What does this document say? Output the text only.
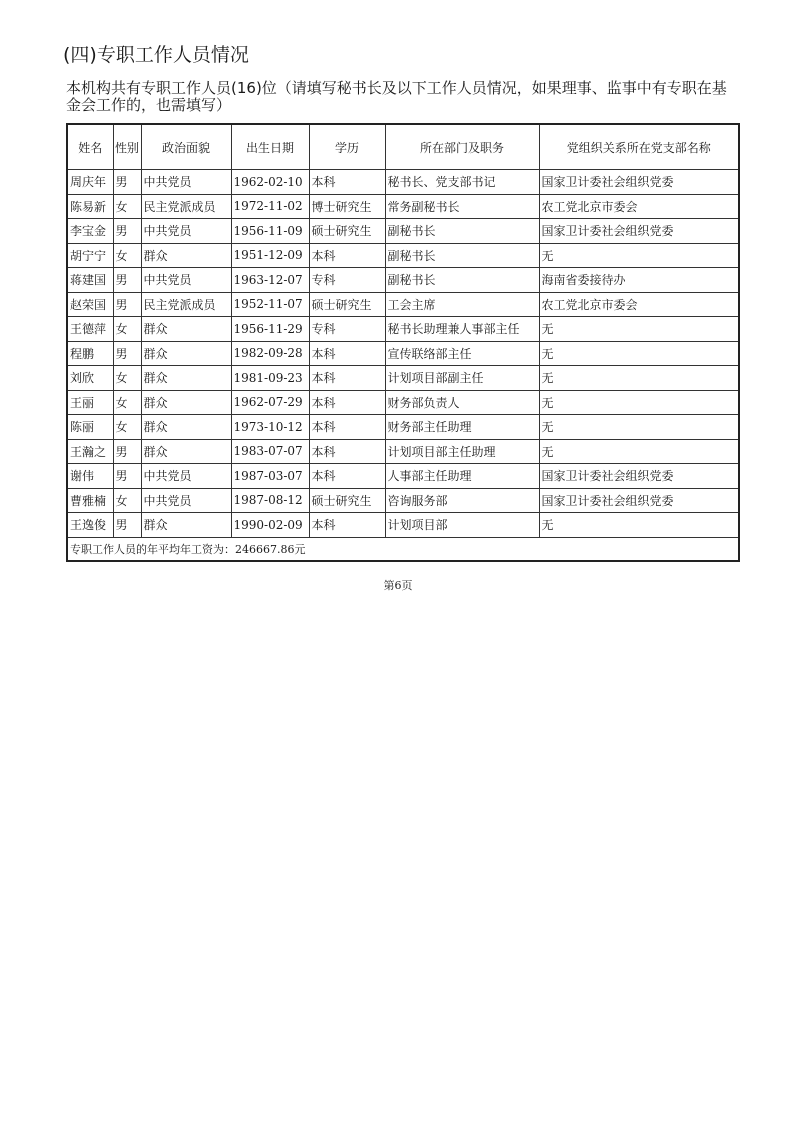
(四)专职工作人员情况

本机构共有专职工作人员(16)位（请填写秘书长及以下工作人员情况，如果理事、监事中有专职在基金会工作的，也需填写）

姓名	性别	政治面貌	出生日期	学历	所在部门及职务	党组织关系所在党支部名称
周庆年	男	中共党员	1962-02-10	本科	秘书长、党支部书记	国家卫计委社会组织党委
陈易新	女	民主党派成员	1972-11-02	博士研究生	常务副秘书长	农工党北京市委会
李宝金	男	中共党员	1956-11-09	硕士研究生	副秘书长	国家卫计委社会组织党委
胡宁宁	女	群众	1951-12-09	本科	副秘书长	无
蒋建国	男	中共党员	1963-12-07	专科	副秘书长	海南省委接待办
赵荣国	男	民主党派成员	1952-11-07	硕士研究生	工会主席	农工党北京市委会
王德萍	女	群众	1956-11-29	专科	秘书长助理兼人事部主任	无
程鹏	男	群众	1982-09-28	本科	宣传联络部主任	无
刘欣	女	群众	1981-09-23	本科	计划项目部副主任	无
王丽	女	群众	1962-07-29	本科	财务部负责人	无
陈丽	女	群众	1973-10-12	本科	财务部主任助理	无
王瀚之	男	群众	1983-07-07	本科	计划项目部主任助理	无
谢伟	男	中共党员	1987-03-07	本科	人事部主任助理	国家卫计委社会组织党委
曹雅楠	女	中共党员	1987-08-12	硕士研究生	咨询服务部	国家卫计委社会组织党委
王逸俊	男	群众	1990-02-09	本科	计划项目部	无
专职工作人员的年平均年工资为：246667.86元						
第6页
